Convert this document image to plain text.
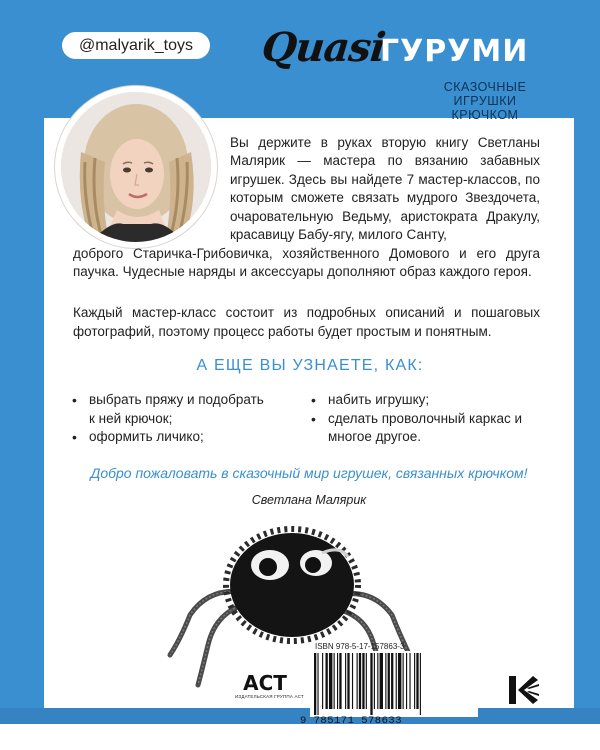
@malyarik_toys	Quasi
ГУРУМИ
СКАЗОЧНЫЕ
ИГРУШКИ КРЮЧКОМ
Вы держите в руках вторую книгу Светланы Малярик — мастера по вязанию забавных игрушек. Здесь вы найдете 7 мастер-классов, по которым сможете связать мудрого Звездочета, очаровательную Ведьму, аристократа Дракулу, красавицу Бабу-ягу, милого Санту,
доброго Старичка-Грибовичка, хозяйственного Домового и его друга паучка. Чудесные наряды и аксессуары дополняют образ каждого героя.
Каждый мастер-класс состоит из подробных описаний и пошаговых фотографий, поэтому процесс работы будет простым и понятным.
А ЕЩЕ ВЫ УЗНАЕТЕ, КАК:
• выбрать пряжу и подобрать к ней крючок;
• оформить личико;
• набить игрушку;
• сделать проволочный каркас и многое другое.
Добро пожаловать в сказочный мир игрушек, связанных крючком!
Светлана Малярик
АСТ
ИЗДАТЕЛЬСКАЯ ГРУППА АСТ
ISBN 978-5-17-157863-3
9 785171 578633
